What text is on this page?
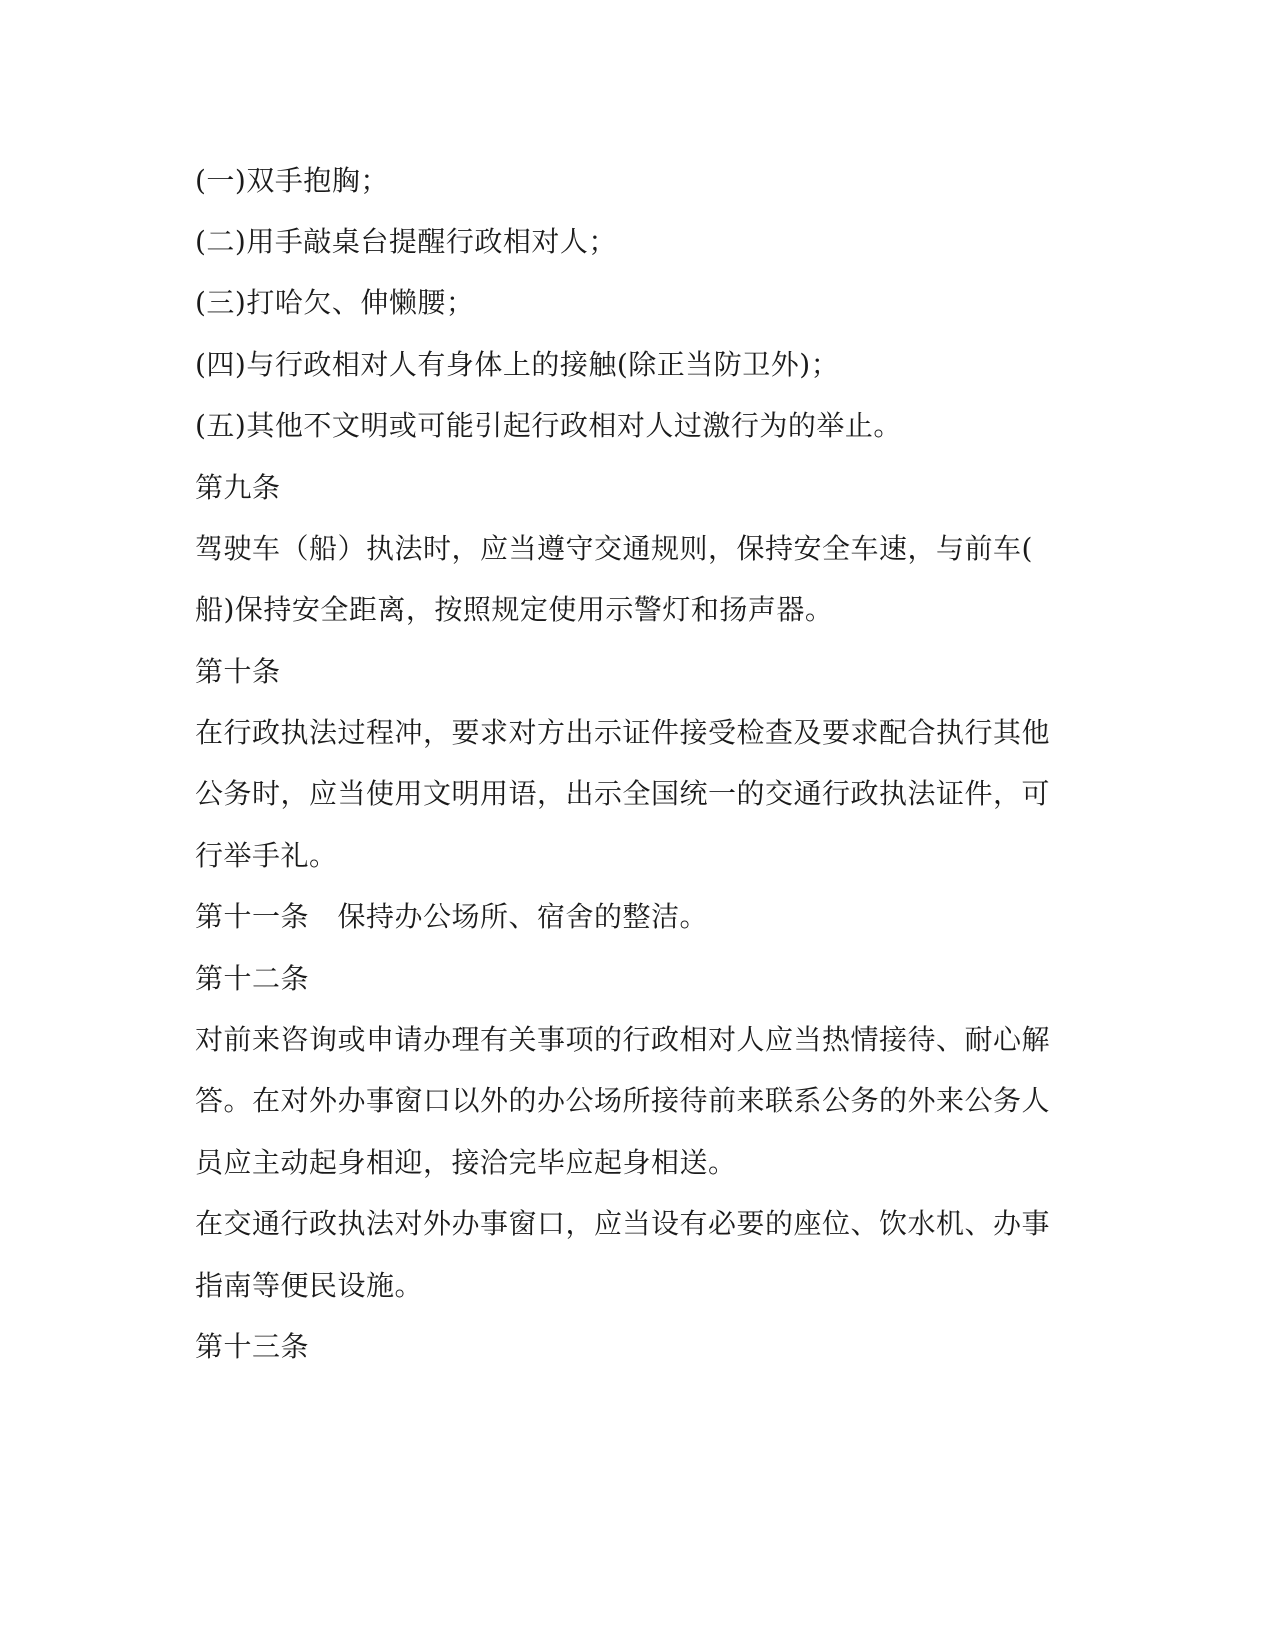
(一)双手抱胸；

(二)用手敲桌台提醒行政相对人；

(三)打哈欠、伸懒腰；

(四)与行政相对人有身体上的接触(除正当防卫外)；

(五)其他不文明或可能引起行政相对人过激行为的举止。

第九条

驾驶车（船）执法时，应当遵守交通规则，保持安全车速，与前车(

船)保持安全距离，按照规定使用示警灯和扬声器。

第十条

在行政执法过程冲，要求对方出示证件接受检查及要求配合执行其他

公务时，应当使用文明用语，出示全国统一的交通行政执法证件，可

行举手礼。

第十一条　保持办公场所、宿舍的整洁。

第十二条

对前来咨询或申请办理有关事项的行政相对人应当热情接待、耐心解

答。在对外办事窗口以外的办公场所接待前来联系公务的外来公务人

员应主动起身相迎，接洽完毕应起身相送。

在交通行政执法对外办事窗口，应当设有必要的座位、饮水机、办事

指南等便民设施。

第十三条
